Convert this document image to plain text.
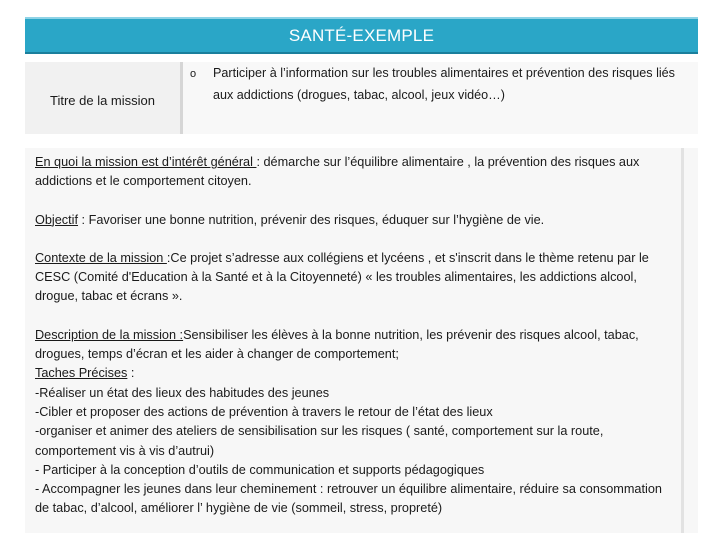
SANTÉ-EXEMPLE
Titre de la mission
o Participer à l’information sur les troubles alimentaires et prévention des risques liés aux addictions (drogues, tabac, alcool, jeux vidéo…)
En quoi la mission est d’intérêt général : démarche sur l’équilibre alimentaire , la prévention des risques aux addictions et le comportement citoyen.
Objectif : Favoriser une bonne nutrition, prévenir des risques, éduquer sur l’hygiène de vie.
Contexte de la mission :Ce projet s’adresse aux collégiens et lycéens , et s'inscrit dans le thème retenu par le CESC (Comité d'Education à la Santé et à la Citoyenneté) « les troubles alimentaires, les addictions alcool, drogue, tabac et écrans ».
Description de la mission :Sensibiliser les élèves à la bonne nutrition, les prévenir des risques alcool, tabac, drogues, temps d’écran et les aider à changer de comportement;
Taches Précises :
-Réaliser un état des lieux des habitudes des jeunes
-Cibler et proposer des actions de prévention à travers le retour de l’état des lieux
-organiser et animer des ateliers de sensibilisation sur les risques ( santé, comportement sur la route, comportement vis à vis d’autrui)
- Participer à la conception d’outils de communication et supports pédagogiques
- Accompagner les jeunes dans leur cheminement : retrouver un équilibre alimentaire, réduire sa consommation de tabac, d’alcool, améliorer l’ hygiène de vie (sommeil, stress, propreté)
